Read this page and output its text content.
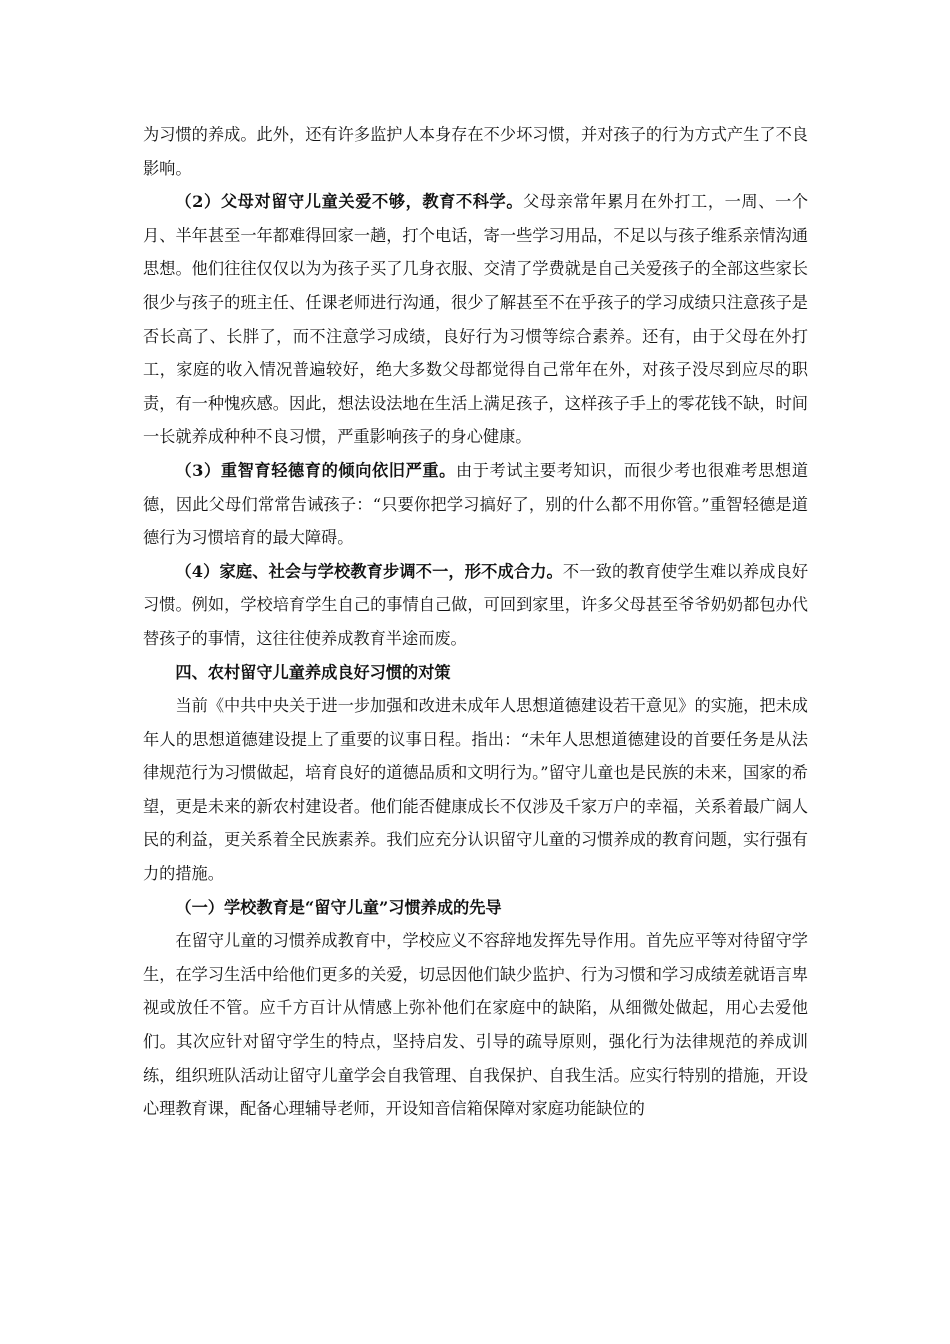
为习惯的养成。此外，还有许多监护人本身存在不少坏习惯，并对孩子的行为方式产生了不良影响。

（2）父母对留守儿童关爱不够，教育不科学。父母亲常年累月在外打工，一周、一个月、半年甚至一年都难得回家一趟，打个电话，寄一些学习用品，不足以与孩子维系亲情沟通思想。他们往往仅仅以为为孩子买了几身衣服、交清了学费就是自己关爱孩子的全部这些家长很少与孩子的班主任、任课老师进行沟通，很少了解甚至不在乎孩子的学习成绩只注意孩子是否长高了、长胖了，而不注意学习成绩，良好行为习惯等综合素养。还有，由于父母在外打工，家庭的收入情况普遍较好，绝大多数父母都觉得自己常年在外，对孩子没尽到应尽的职责，有一种愧疚感。因此，想法设法地在生活上满足孩子，这样孩子手上的零花钱不缺，时间一长就养成种种不良习惯，严重影响孩子的身心健康。

（3）重智育轻德育的倾向依旧严重。由于考试主要考知识，而很少考也很难考思想道德，因此父母们常常告诫孩子：“只要你把学习搞好了，别的什么都不用你管。”重智轻德是道德行为习惯培育的最大障碍。

（4）家庭、社会与学校教育步调不一，形不成合力。不一致的教育使学生难以养成良好习惯。例如，学校培育学生自己的事情自己做，可回到家里，许多父母甚至爷爷奶奶都包办代替孩子的事情，这往往使养成教育半途而废。

四、农村留守儿童养成良好习惯的对策

当前《中共中央关于进一步加强和改进未成年人思想道德建设若干意见》的实施，把未成年人的思想道德建设提上了重要的议事日程。指出：“未年人思想道德建设的首要任务是从法律规范行为习惯做起，培育良好的道德品质和文明行为。”留守儿童也是民族的未来，国家的希望，更是未来的新农村建设者。他们能否健康成长不仅涉及千家万户的幸福，关系着最广阔人民的利益，更关系着全民族素养。我们应充分认识留守儿童的习惯养成的教育问题，实行强有力的措施。

（一）学校教育是“留守儿童”习惯养成的先导

在留守儿童的习惯养成教育中，学校应义不容辞地发挥先导作用。首先应平等对待留守学生，在学习生活中给他们更多的关爱，切忌因他们缺少监护、行为习惯和学习成绩差就语言卑视或放任不管。应千方百计从情感上弥补他们在家庭中的缺陷，从细微处做起，用心去爱他们。其次应针对留守学生的特点，坚持启发、引导的疏导原则，强化行为法律规范的养成训练，组织班队活动让留守儿童学会自我管理、自我保护、自我生活。应实行特别的措施，开设心理教育课，配备心理辅导老师，开设知音信箱保障对家庭功能缺位的
